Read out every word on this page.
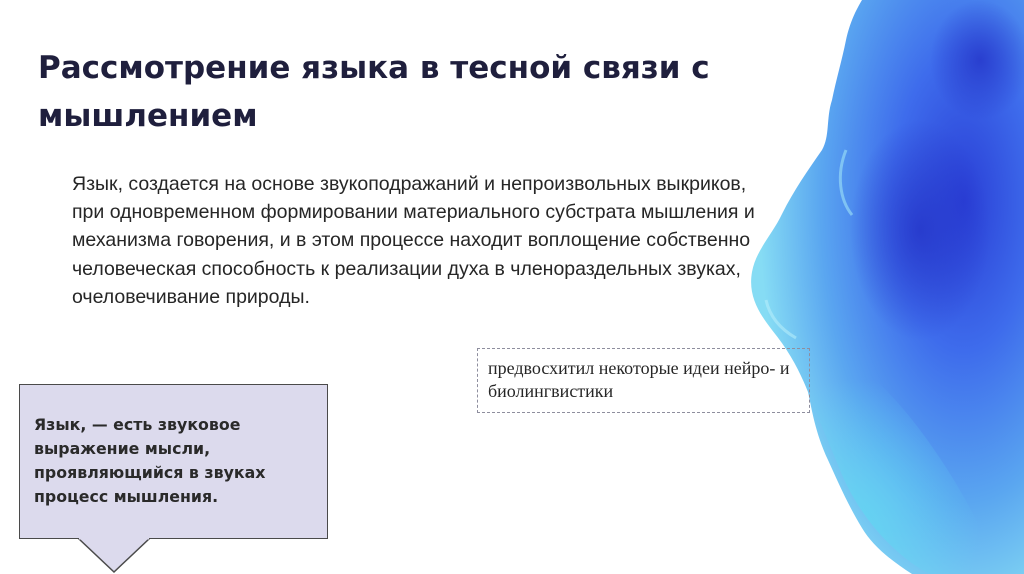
Рассмотрение языка в тесной связи с мышлением

Язык, создается на основе звукоподражаний и непроизвольных выкриков, при одновременном формировании материального субстрата мышления и механизма говорения, и в этом процессе находит воплощение собственно человеческая способность к реализации духа в членораздельных звуках, очеловечивание природы.

предвосхитил некоторые идеи нейро- и биолингвистики
Язык, — есть звуковое выражение мысли, проявляющийся в звуках процесс мышления.
